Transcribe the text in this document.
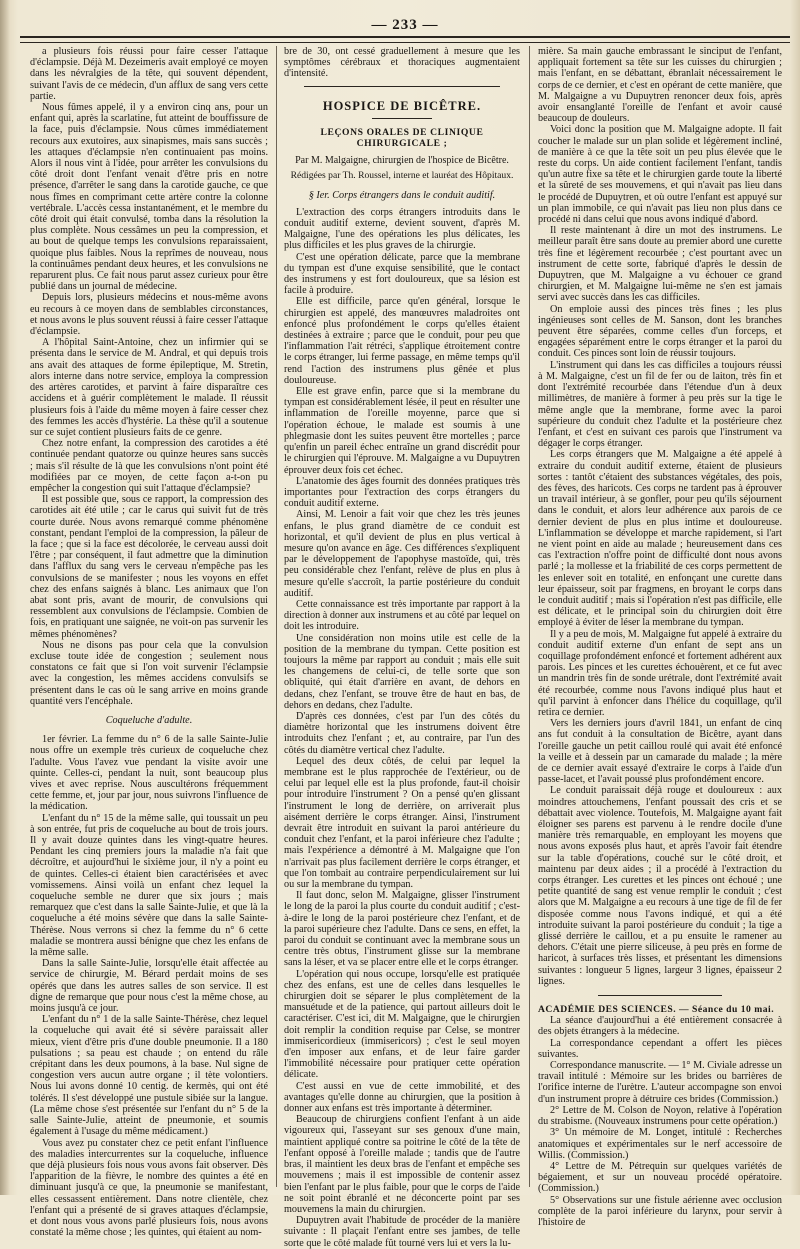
— 233 —

a plusieurs fois réussi pour faire cesser l'attaque d'éclampsie. Déjà M. Dezeimeris avait employé ce moyen dans les névralgies de la tête, qui souvent dépendent, suivant l'avis de ce médecin, d'un afflux de sang vers cette partie.

Nous fûmes appelé, il y a environ cinq ans, pour un enfant qui, après la scarlatine, fut atteint de bouffissure de la face, puis d'éclampsie. Nous cûmes immédiatement recours aux exutoires, aux sinapismes, mais sans succès ; les attaques d'éclampsie n'en continuaient pas moins. Alors il nous vint à l'idée, pour arrêter les convulsions du côté droit dont l'enfant venait d'être pris en notre présence, d'arrêter le sang dans la carotide gauche, ce que nous fîmes en comprimant cette artère contre la colonne vertébrale. L'accès cessa instantanément, et le membre du côté droit qui était convulsé, tomba dans la résolution la plus complète. Nous cessâmes un peu la compression, et au bout de quelque temps les convulsions reparaissaient, quoique plus faibles. Nous la reprîmes de nouveau, nous la continuâmes pendant deux heures, et les convulsions ne reparurent plus. Ce fait nous parut assez curieux pour être publié dans un journal de médecine.

Depuis lors, plusieurs médecins et nous-même avons eu recours à ce moyen dans de semblables circonstances, et nous avons le plus souvent réussi à faire cesser l'attaque d'éclampsie.

A l'hôpital Saint-Antoine, chez un infirmier qui se présenta dans le service de M. Andral, et qui depuis trois ans avait des attaques de forme épileptique, M. Stretin, alors interne dans notre service, employa la compression des artères carotides, et parvint à faire disparaître ces accidens et à guérir complètement le malade. Il réussit plusieurs fois à l'aide du même moyen à faire cesser chez des femmes les accès d'hystérie. La thèse qu'il a soutenue sur ce sujet contient plusieurs faits de ce genre.

Chez notre enfant, la compression des carotides a été continuée pendant quatorze ou quinze heures sans succès ; mais s'il résulte de là que les convulsions n'ont point été modifiées par ce moyen, de cette façon a-t-on pu empêcher la congestion qui suit l'attaque d'éclampsie?

Il est possible que, sous ce rapport, la compression des carotides ait été utile ; car le carus qui suivit fut de très courte durée. Nous avons remarqué comme phénomène constant, pendant l'emploi de la compression, la pâleur de la face ; que si la face est décolorée, le cerveau aussi doit l'être ; par conséquent, il faut admettre que la diminution dans l'afflux du sang vers le cerveau n'empêche pas les convulsions de se manifester ; nous les voyons en effet chez des enfans saignés à blanc. Les animaux que l'on abat sont pris, avant de mourir, de convulsions qui ressemblent aux convulsions de l'éclampsie. Combien de fois, en pratiquant une saignée, ne voit-on pas survenir les mêmes phénomènes?

Nous ne disons pas pour cela que la convulsion excluse toute idée de congestion ; seulement nous constatons ce fait que si l'on voit survenir l'éclampsie avec la congestion, les mêmes accidens convulsifs se présentent dans le cas où le sang arrive en moins grande quantité vers l'encéphale.

Coqueluche d'adulte.

1er février. La femme du n° 6 de la salle Sainte-Julie nous offre un exemple très curieux de coqueluche chez l'adulte. Vous l'avez vue pendant la visite avoir une quinte. Celles-ci, pendant la nuit, sont beaucoup plus vives et avec reprise. Nous auscultérons fréquemment cette femme, et, jour par jour, nous suivrons l'influence de la médication.

L'enfant du n° 15 de la même salle, qui toussait un peu à son entrée, fut pris de coqueluche au bout de trois jours. Il y avait douze quintes dans les vingt-quatre heures. Pendant les cinq premiers jours la maladie n'a fait que décroître, et aujourd'hui le sixième jour, il n'y a point eu de quintes. Celles-ci étaient bien caractérisées et avec vomissemens. Ainsi voilà un enfant chez lequel la coqueluche semble ne durer que six jours ; mais remarquez que c'est dans la salle Sainte-Julie, et que là la coqueluche a été moins sévère que dans la salle Sainte-Thérèse. Nous verrons si chez la femme du n° 6 cette maladie se montrera aussi bénigne que chez les enfans de la même salle.

Dans la salle Sainte-Julie, lorsqu'elle était affectée au service de chirurgie, M. Bérard perdait moins de ses opérés que dans les autres salles de son service. Il est digne de remarque que pour nous c'est la même chose, au moins jusqu'à ce jour.

L'enfant du n° 1 de la salle Sainte-Thérèse, chez lequel la coqueluche qui avait été si sévère paraissait aller mieux, vient d'être pris d'une double pneumonie. Il a 180 pulsations ; sa peau est chaude ; on entend du râle crépitant dans les deux poumons, à la base. Nul signe de congestion vers aucun autre organe ; il tète volontiers. Nous lui avons donné 10 centig. de kermès, qui ont été tolérés. Il s'est développé une pustule sibiée sur la langue. (La même chose s'est présentée sur l'enfant du n° 5 de la salle Sainte-Julie, atteint de pneumonie, et soumis également à l'usage du même médicament.)

Vous avez pu constater chez ce petit enfant l'influence des maladies intercurrentes sur la coqueluche, influence que déjà plusieurs fois nous vous avons fait observer. Dès l'apparition de la fièvre, le nombre des quintes a été en diminuant jusqu'à ce que, la pneumonie se manifestant, elles cessassent entièrement. Dans notre clientèle, chez l'enfant qui a présenté de si graves attaques d'éclampsie, et dont nous vous avons parlé plusieurs fois, nous avons constaté la même chose ; les quintes, qui étaient au nom-

bre de 30, ont cessé graduellement à mesure que les symptômes cérébraux et thoraciques augmentaient d'intensité.

HOSPICE DE BICÊTRE.
LEÇONS ORALES DE CLINIQUE CHIRURGICALE ;
Par M. Malgaigne, chirurgien de l'hospice de Bicêtre.
Rédigées par Th. Roussel, interne et lauréat des Hôpitaux.
§ Ier. Corps étrangers dans le conduit auditif.

L'extraction des corps étrangers introduits dans le conduit auditif externe, devient souvent, d'après M. Malgaigne, l'une des opérations les plus délicates, les plus difficiles et les plus graves de la chirurgie.

C'est une opération délicate, parce que la membrane du tympan est d'une exquise sensibilité, que le contact des instrumens y est fort douloureux, que sa lésion est facile à produire.

Elle est difficile, parce qu'en général, lorsque le chirurgien est appelé, des manœuvres maladroites ont enfoncé plus profondément le corps qu'elles étaient destinées à extraire ; parce que le conduit, pour peu que l'inflammation l'ait rétréci, s'applique étroitement contre le corps étranger, lui ferme passage, en même temps qu'il rend l'action des instrumens plus gênée et plus douloureuse.

Elle est grave enfin, parce que si la membrane du tympan est considérablement lésée, il peut en résulter une inflammation de l'oreille moyenne, parce que si l'opération échoue, le malade est soumis à une phlegmasie dont les suites peuvent être mortelles ; parce qu'enfin un pareil échec entraîne un grand discrédit pour le chirurgien qui l'éprouve. M. Malgaigne a vu Dupuytren éprouver deux fois cet échec.

L'anatomie des âges fournit des données pratiques très importantes pour l'extraction des corps étrangers du conduit auditif externe.

Ainsi, M. Lenoir a fait voir que chez les très jeunes enfans, le plus grand diamètre de ce conduit est horizontal, et qu'il devient de plus en plus vertical à mesure qu'on avance en âge. Ces différences s'expliquent par le développement de l'apophyse mastoïde, qui, très peu considérable chez l'enfant, relève de plus en plus à mesure qu'elle s'accroît, la partie postérieure du conduit auditif.

Cette connaissance est très importante par rapport à la direction à donner aux instrumens et au côté par lequel on doit les introduire.

Une considération non moins utile est celle de la position de la membrane du tympan. Cette position est toujours la même par rapport au conduit ; mais elle suit les changemens de celui-ci, de telle sorte que son obliquité, qui était d'arrière en avant, de dehors en dedans, chez l'enfant, se trouve être de haut en bas, de dehors en dedans, chez l'adulte.

D'après ces données, c'est par l'un des côtés du diamètre horizontal que les instrumens doivent être introduits chez l'enfant ; et, au contraire, par l'un des côtés du diamètre vertical chez l'adulte.

Lequel des deux côtés, de celui par lequel la membrane est le plus rapprochée de l'extérieur, ou de celui par lequel elle est la plus profonde, faut-il choisir pour introduire l'instrument ? On a pensé qu'en glissant l'instrument le long de derrière, on arriverait plus aisément derrière le corps étranger. Ainsi, l'instrument devrait être introduit en suivant la paroi antérieure du conduit chez l'enfant, et la paroi inférieure chez l'adulte ; mais l'expérience a démontré à M. Malgaigne que l'on n'arrivait pas plus facilement derrière le corps étranger, et que l'on tombait au contraire perpendiculairement sur lui ou sur la membrane du tympan.

Il faut donc, selon M. Malgaigne, glisser l'instrument le long de la paroi la plus courte du conduit auditif ; c'est-à-dire le long de la paroi postérieure chez l'enfant, et de la paroi supérieure chez l'adulte. Dans ce sens, en effet, la paroi du conduit se continuant avec la membrane sous un centre très obtus, l'instrument glisse sur la membrane sans la léser, et va se placer entre elle et le corps étranger.

L'opération qui nous occupe, lorsqu'elle est pratiquée chez des enfans, est une de celles dans lesquelles le chirurgien doit se séparer le plus complètement de la mansuétude et de la patience, qui partout ailleurs doit le caractériser. C'est ici, dit M. Malgaigne, que le chirurgien doit remplir la condition requise par Celse, se montrer immisericordieux (immisericors) ; c'est le seul moyen d'en imposer aux enfans, et de leur faire garder l'immobilité nécessaire pour pratiquer cette opération délicate.

C'est aussi en vue de cette immobilité, et des avantages qu'elle donne au chirurgien, que la position à donner aux enfans est très importante à déterminer.

Beaucoup de chirurgiens confient l'enfant à un aide vigoureux qui, l'asseyant sur ses genoux d'une main, maintient appliqué contre sa poitrine le côté de la tête de l'enfant opposé à l'oreille malade ; tandis que de l'autre bras, il maintient les deux bras de l'enfant et empêche ses mouvemens ; mais il est impossible de contenir assez bien l'enfant par le plus faible, pour que le corps de l'aide ne soit point ébranlé et ne déconcerte point par ses mouvemens la main du chirurgien.

Dupuytren avait l'habitude de procéder de la manière suivante : Il plaçait l'enfant entre ses jambes, de telle sorte que le côté malade fût tourné vers lui et vers la lu-

mière. Sa main gauche embrassant le sinciput de l'enfant, appliquait fortement sa tête sur les cuisses du chirurgien ; mais l'enfant, en se débattant, ébranlait nécessairement le corps de ce dernier, et c'est en opérant de cette manière, que M. Malgaigne a vu Dupuytren renoncer deux fois, après avoir ensanglanté l'oreille de l'enfant et avoir causé beaucoup de douleurs.

Voici donc la position que M. Malgaigne adopte. Il fait coucher le malade sur un plan solide et légèrement incliné, de manière à ce que la tête soit un peu plus élevée que le reste du corps. Un aide contient facilement l'enfant, tandis qu'un autre fixe sa tête et le chirurgien garde toute la liberté et la sûreté de ses mouvemens, et qui n'avait pas lieu dans le procédé de Dupuytren, et où outre l'enfant est appuyé sur un plan immobile, ce qui n'avait pas lieu non plus dans ce procédé ni dans celui que nous avons indiqué d'abord.

Il reste maintenant à dire un mot des instrumens. Le meilleur paraît être sans doute au premier abord une curette très fine et légèrement recourbée ; c'est pourtant avec un instrument de cette sorte, fabriqué d'après le dessin de Dupuytren, que M. Malgaigne a vu échouer ce grand chirurgien, et M. Malgaigne lui-même ne s'en est jamais servi avec succès dans les cas difficiles.

On emploie aussi des pinces très fines ; les plus ingénieuses sont celles de M. Sanson, dont les branches peuvent être séparées, comme celles d'un forceps, et engagées séparément entre le corps étranger et la paroi du conduit. Ces pinces sont loin de réussir toujours.

L'instrument qui dans les cas difficiles a toujours réussi à M. Malgaigne, c'est un fil de fer ou de laiton, très fin et dont l'extrémité recourbée dans l'étendue d'un à deux millimètres, de manière à former à peu près sur la tige le même angle que la membrane, forme avec la paroi supérieure du conduit chez l'adulte et la postérieure chez l'enfant, et c'est en suivant ces parois que l'instrument va dégager le corps étranger.

Les corps étrangers que M. Malgaigne a été appelé à extraire du conduit auditif externe, étaient de plusieurs sortes : tantôt c'étaient des substances végétales, des pois, des fèves, des haricots. Ces corps ne tardent pas à éprouver un travail intérieur, à se gonfler, pour peu qu'ils séjournent dans le conduit, et alors leur adhérence aux parois de ce dernier devient de plus en plus intime et douloureuse. L'inflammation se développe et marche rapidement, si l'art ne vient point en aide au malade ; heureusement dans ces cas l'extraction n'offre point de difficulté dont nous avons parlé ; la mollesse et la friabilité de ces corps permettent de les enlever soit en totalité, en enfonçant une curette dans leur épaisseur, soit par fragmens, en broyant le corps dans le conduit auditif ; mais si l'opération n'est pas difficile, elle est délicate, et le principal soin du chirurgien doit être employé à éviter de léser la membrane du tympan.

Il y a peu de mois, M. Malgaigne fut appelé à extraire du conduit auditif externe d'un enfant de sept ans un coquillage profondément enfoncé et fortement adhérent aux parois. Les pinces et les curettes échouèrent, et ce fut avec un mandrin très fin de sonde urétrale, dont l'extrémité avait été recourbée, comme nous l'avons indiqué plus haut et qu'il parvint à enfoncer dans l'hélice du coquillage, qu'il retira ce dernier.

Vers les derniers jours d'avril 1841, un enfant de cinq ans fut conduit à la consultation de Bicêtre, ayant dans l'oreille gauche un petit caillou roulé qui avait été enfoncé la veille et à dessein par un camarade du malade ; la mère de ce dernier avait essayé d'extraire le corps à l'aide d'un passe-lacet, et l'avait poussé plus profondément encore.

Le conduit paraissait déjà rouge et douloureux : aux moindres attouchemens, l'enfant poussait des cris et se débattait avec violence. Toutefois, M. Malgaigne ayant fait éloigner ses parens est parvenu à le rendre docile d'une manière très remarquable, en employant les moyens que nous avons exposés plus haut, et après l'avoir fait étendre sur la table d'opérations, couché sur le côté droit, et maintenu par deux aides ; il a procédé à l'extraction du corps étranger. Les curettes et les pinces ont échoué ; une petite quantité de sang est venue remplir le conduit ; c'est alors que M. Malgaigne a eu recours à une tige de fil de fer disposée comme nous l'avons indiqué, et qui a été introduite suivant la paroi postérieure du conduit ; la tige a glissé derrière le caillou, et a pu ensuite le ramener au dehors. C'était une pierre siliceuse, à peu près en forme de haricot, à surfaces très lisses, et présentant les dimensions suivantes : longueur 5 lignes, largeur 3 lignes, épaisseur 2 lignes.

ACADÉMIE DES SCIENCES. — Séance du 10 mai.

La séance d'aujourd'hui a été entièrement consacrée à des objets étrangers à la médecine.

La correspondance cependant a offert les pièces suivantes.

Correspondance manuscrite. — 1° M. Civiale adresse un travail intitulé : Mémoire sur les brides ou barrières de l'orifice interne de l'urètre. L'auteur accompagne son envoi d'un instrument propre à détruire ces brides (Commission.)

2° Lettre de M. Colson de Noyon, relative à l'opération du strabisme. (Nouveaux instrumens pour cette opération.)

3° Un mémoire de M. Longet, intitulé : Recherches anatomiques et expérimentales sur le nerf accessoire de Willis. (Commission.)

4° Lettre de M. Pétrequin sur quelques variétés de bégaiement, et sur un nouveau procédé opératoire. (Commission.)

5° Observations sur une fistule aérienne avec occlusion complète de la paroi inférieure du larynx, pour servir à l'histoire de
